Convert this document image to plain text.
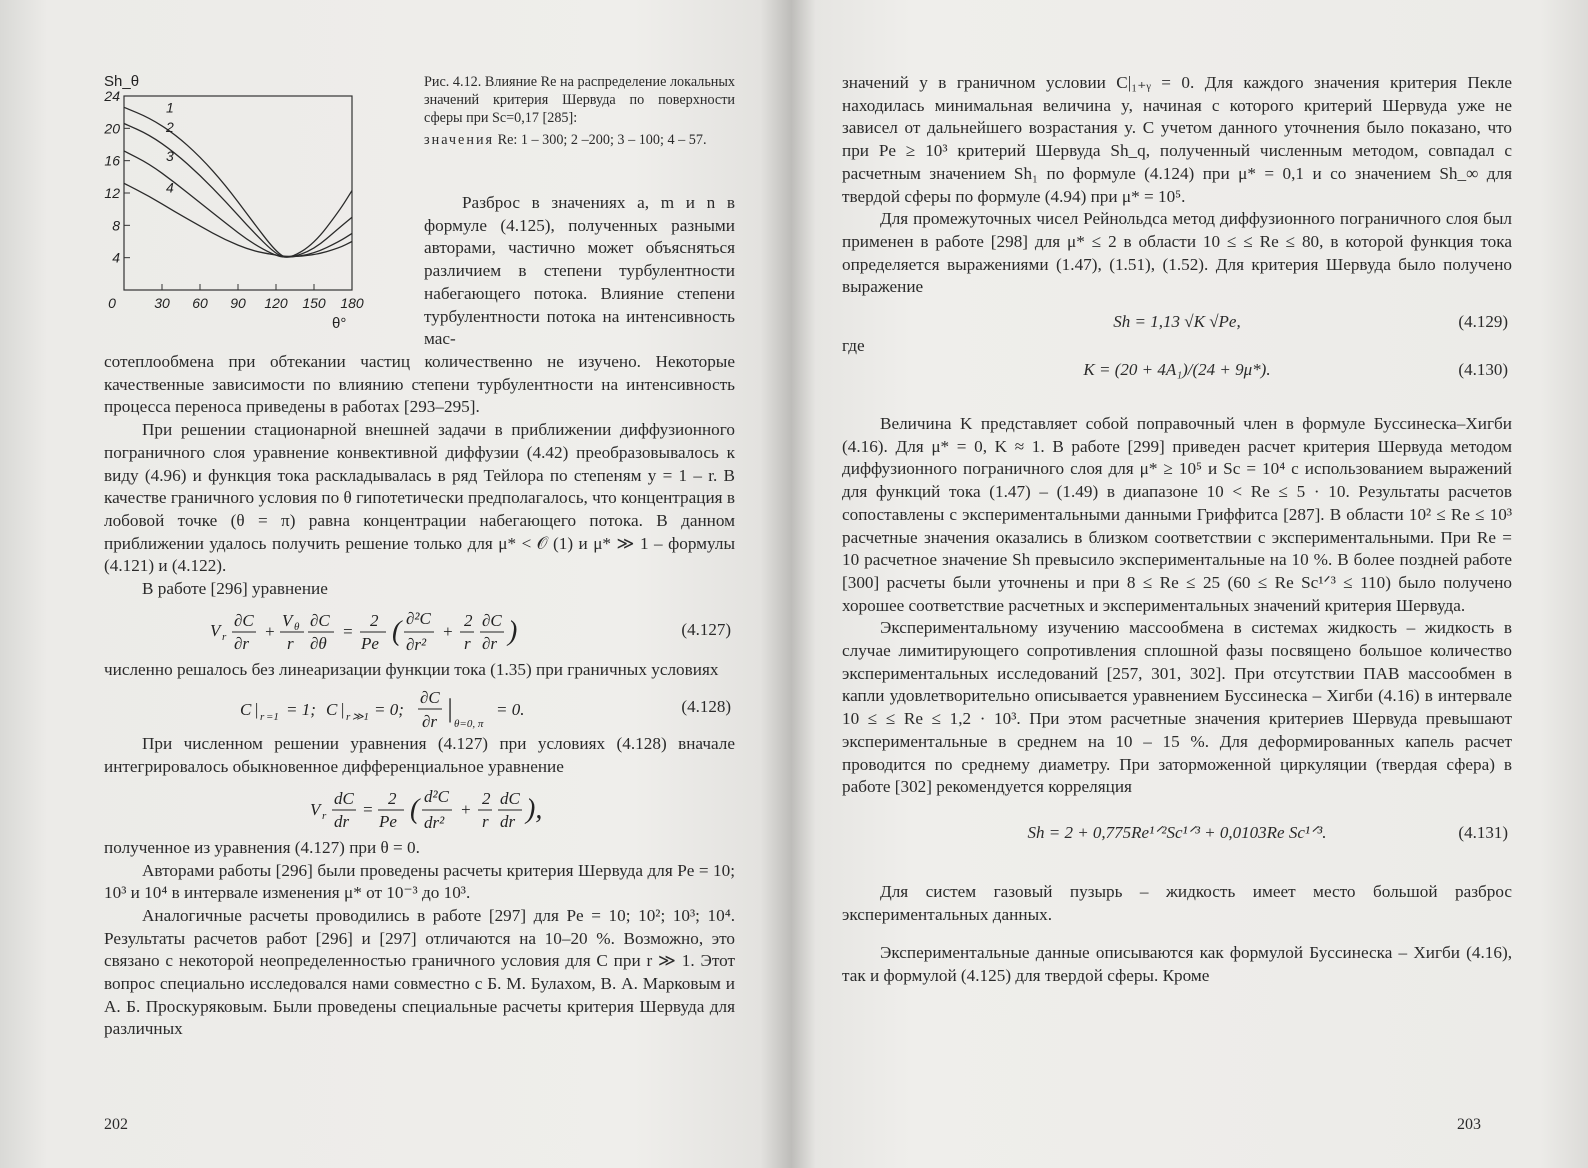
Sh_θ
4
8
12
16
20
24
0	30 60 90 120 150 180
1
2
3
4
θ°

Рис. 4.12. Влияние Re на распределение локальных значений критерия Шервуда по поверхности сферы при Sc=0,17 [285]:

значения Re: 1 – 300; 2 –200; 3 – 100; 4 – 57.

Разброс в значениях a, m и n в формуле (4.125), полученных разными авторами, частично может объясняться различием в степени турбулентности набегающего потока. Влияние степени турбулентности потока на интенсивность мас-

сотеплообмена при обтекании частиц количественно не изучено. Некоторые качественные зависимости по влиянию степени турбулентности на интенсивность процесса переноса приведены в работах [293–295].

При решении стационарной внешней задачи в приближении диффузионного пограничного слоя уравнение конвективной диффузии (4.42) преобразовывалось к виду (4.96) и функция тока раскладывалась в ряд Тейлора по степеням y = 1 – r. В качестве граничного условия по θ гипотетически предполагалось, что концентрация в лобовой точке (θ = π) равна концентрации набегающего потока. В данном приближении удалось получить решение только для μ* < 𝒪 (1) и μ* ≫ 1 – формулы (4.121) и (4.122).

В работе [296] уравнение

V r
∂C
∂r
+
V θ
r
∂C
∂θ
=
2
Pe ( ∂²C
∂r²
+
2
r
∂C
∂r )	(4.127)

численно решалось без линеаризации функции тока (1.35) при граничных условиях

C | r =1 = 1; C | r ≫1 = 0;
∂C
∂r |
θ=0, π
= 0.	(4.128)

При численном решении уравнения (4.127) при условиях (4.128) вначале интегрировалось обыкновенное дифференциальное уравнение

V r
dC
dr
=
2
Pe ( d²C
dr²
+
2
r
dC
dr ),

полученное из уравнения (4.127) при θ = 0.

Авторами работы [296] были проведены расчеты критерия Шервуда для Pe = 10; 10³ и 10⁴ в интервале изменения μ* от 10⁻³ до 10³.

Аналогичные расчеты проводились в работе [297] для Pe = 10; 10²; 10³; 10⁴. Результаты расчетов работ [296] и [297] отличаются на 10–20 %. Возможно, это связано с некоторой неопределенностью граничного условия для C при r ≫ 1. Этот вопрос специально исследовался нами совместно с Б. М. Булахом, В. А. Марковым и А. Б. Проскуряковым. Были проведены специальные расчеты критерия Шервуда для различных

202

значений y в граничном условии C|₁₊ᵧ = 0. Для каждого значения критерия Пекле находилась минимальная величина y, начиная с которого критерий Шервуда уже не зависел от дальнейшего возрастания y. С учетом данного уточнения было показано, что при Pe ≥ 10³ критерий Шервуда Sh_q, полученный численным методом, совпадал с расчетным значением Sh₁ по формуле (4.124) при μ* = 0,1 и со значением Sh_∞ для твердой сферы по формуле (4.94) при μ* = 10⁵.

Для промежуточных чисел Рейнольдса метод диффузионного пограничного слоя был применен в работе [298] для μ* ≤ 2 в области 10 ≤ ≤ Re ≤ 80, в которой функция тока определяется выражениями (1.47), (1.51), (1.52). Для критерия Шервуда было получено выражение

Sh = 1,13 √K √Pe,	(4.129)

где

K = (20 + 4A₁)/(24 + 9μ*).	(4.130)

Величина K представляет собой поправочный член в формуле Буссинеска–Хигби (4.16). Для μ* = 0, K ≈ 1. В работе [299] приведен расчет критерия Шервуда методом диффузионного пограничного слоя для μ* ≥ 10⁵ и Sc = 10⁴ с использованием выражений для функций тока (1.47) – (1.49) в диапазоне 10 < Re ≤ 5 · 10. Результаты расчетов сопоставлены с экспериментальными данными Гриффитса [287]. В области 10² ≤ Re ≤ 10³ расчетные значения оказались в близком соответствии с экспериментальными. При Re = 10 расчетное значение Sh превысило экспериментальные на 10 %. В более поздней работе [300] расчеты были уточнены и при 8 ≤ Re ≤ 25 (60 ≤ Re Sc¹ᐟ³ ≤ 110) было получено хорошее соответствие расчетных и экспериментальных значений критерия Шервуда.

Экспериментальному изучению массообмена в системах жидкость – жидкость в случае лимитирующего сопротивления сплошной фазы посвящено большое количество экспериментальных исследований [257, 301, 302]. При отсутствии ПАВ массообмен в капли удовлетворительно описывается уравнением Буссинеска – Хигби (4.16) в интервале 10 ≤ ≤ Re ≤ 1,2 · 10³. При этом расчетные значения критериев Шервуда превышают экспериментальные в среднем на 10 – 15 %. Для деформированных капель расчет проводится по среднему диаметру. При заторможенной циркуляции (твердая сфера) в работе [302] рекомендуется корреляция

Sh = 2 + 0,775Re¹ᐟ²Sc¹ᐟ³ + 0,0103Re Sc¹ᐟ³.	(4.131)

Для систем газовый пузырь – жидкость имеет место большой разброс экспериментальных данных.

Экспериментальные данные описываются как формулой Буссинеска – Хигби (4.16), так и формулой (4.125) для твердой сферы. Кроме

203
